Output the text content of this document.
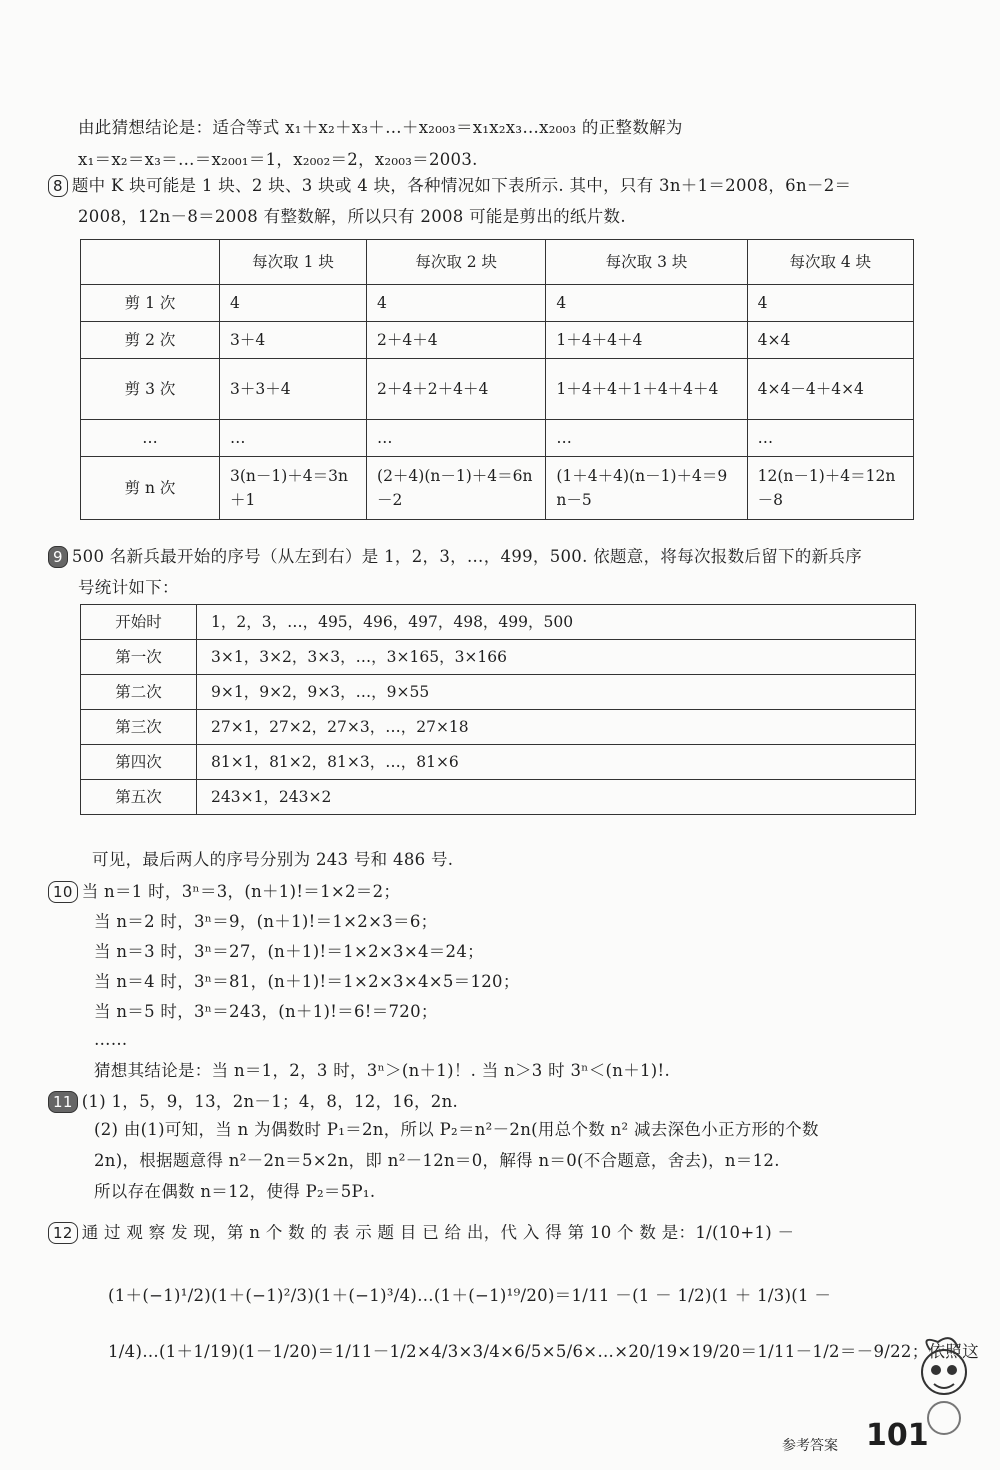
由此猜想结论是：适合等式 x₁＋x₂＋x₃＋…＋x₂₀₀₃＝x₁x₂x₃…x₂₀₀₃ 的正整数解为
x₁＝x₂＝x₃＝…＝x₂₀₀₁＝1，x₂₀₀₂＝2，x₂₀₀₃＝2003.
8 题中 K 块可能是 1 块、2 块、3 块或 4 块，各种情况如下表所示. 其中，只有 3n＋1＝2008，6n－2＝
2008，12n－8＝2008 有整数解，所以只有 2008 可能是剪出的纸片数.
	每次取 1 块	每次取 2 块	每次取 3 块	每次取 4 块
剪 1 次	4	4	4	4
剪 2 次	3＋4	2＋4＋4	1＋4＋4＋4	4×4
剪 3 次	3＋3＋4	2＋4＋2＋4＋4	1＋4＋4＋1＋4＋4＋4	4×4－4＋4×4
…	…	…	…	…
剪 n 次	3(n－1)＋4＝3n＋1	(2＋4)(n－1)＋4＝6n－2	(1＋4＋4)(n－1)＋4＝9n－5	12(n－1)＋4＝12n－8
9 500 名新兵最开始的序号（从左到右）是 1，2，3，…，499，500. 依题意，将每次报数后留下的新兵序
号统计如下：
开始时	1，2，3，…，495，496，497，498，499，500
第一次	3×1，3×2，3×3，…，3×165，3×166
第二次	9×1，9×2，9×3，…，9×55
第三次	27×1，27×2，27×3，…，27×18
第四次	81×1，81×2，81×3，…，81×6
第五次	243×1，243×2
可见，最后两人的序号分别为 243 号和 486 号.
10 当 n＝1 时，3ⁿ＝3，(n＋1)!＝1×2＝2；
当 n＝2 时，3ⁿ＝9，(n＋1)!＝1×2×3＝6；
当 n＝3 时，3ⁿ＝27，(n＋1)!＝1×2×3×4＝24；
当 n＝4 时，3ⁿ＝81，(n＋1)!＝1×2×3×4×5＝120；
当 n＝5 时，3ⁿ＝243，(n＋1)!＝6!＝720；
……
猜想其结论是：当 n＝1，2，3 时，3ⁿ＞(n＋1)！. 当 n＞3 时 3ⁿ＜(n＋1)!.
11 (1) 1，5，9，13，2n－1；4，8，12，16，2n.
(2) 由(1)可知，当 n 为偶数时 P₁＝2n，所以 P₂＝n²－2n(用总个数 n² 减去深色小正方形的个数
2n)，根据题意得 n²－2n＝5×2n，即 n²－12n＝0，解得 n＝0(不合题意，舍去)，n＝12.
所以存在偶数 n＝12，使得 P₂＝5P₁.
12 通 过 观 察 发 现，第 n 个 数 的 表 示 题 目 已 给 出，代 入 得 第 10 个 数 是：1/(10+1) －
(1＋(−1)¹/2)(1＋(−1)²/3)(1＋(−1)³/4)…(1＋(−1)¹⁹/20)＝1/11 －(1 － 1/2)(1 ＋ 1/3)(1 －
1/4)…(1＋1/19)(1－1/20)＝1/11－1/2×4/3×3/4×6/5×5/6×…×20/19×19/20＝1/11－1/2＝－9/22；依照这
参考答案 101
